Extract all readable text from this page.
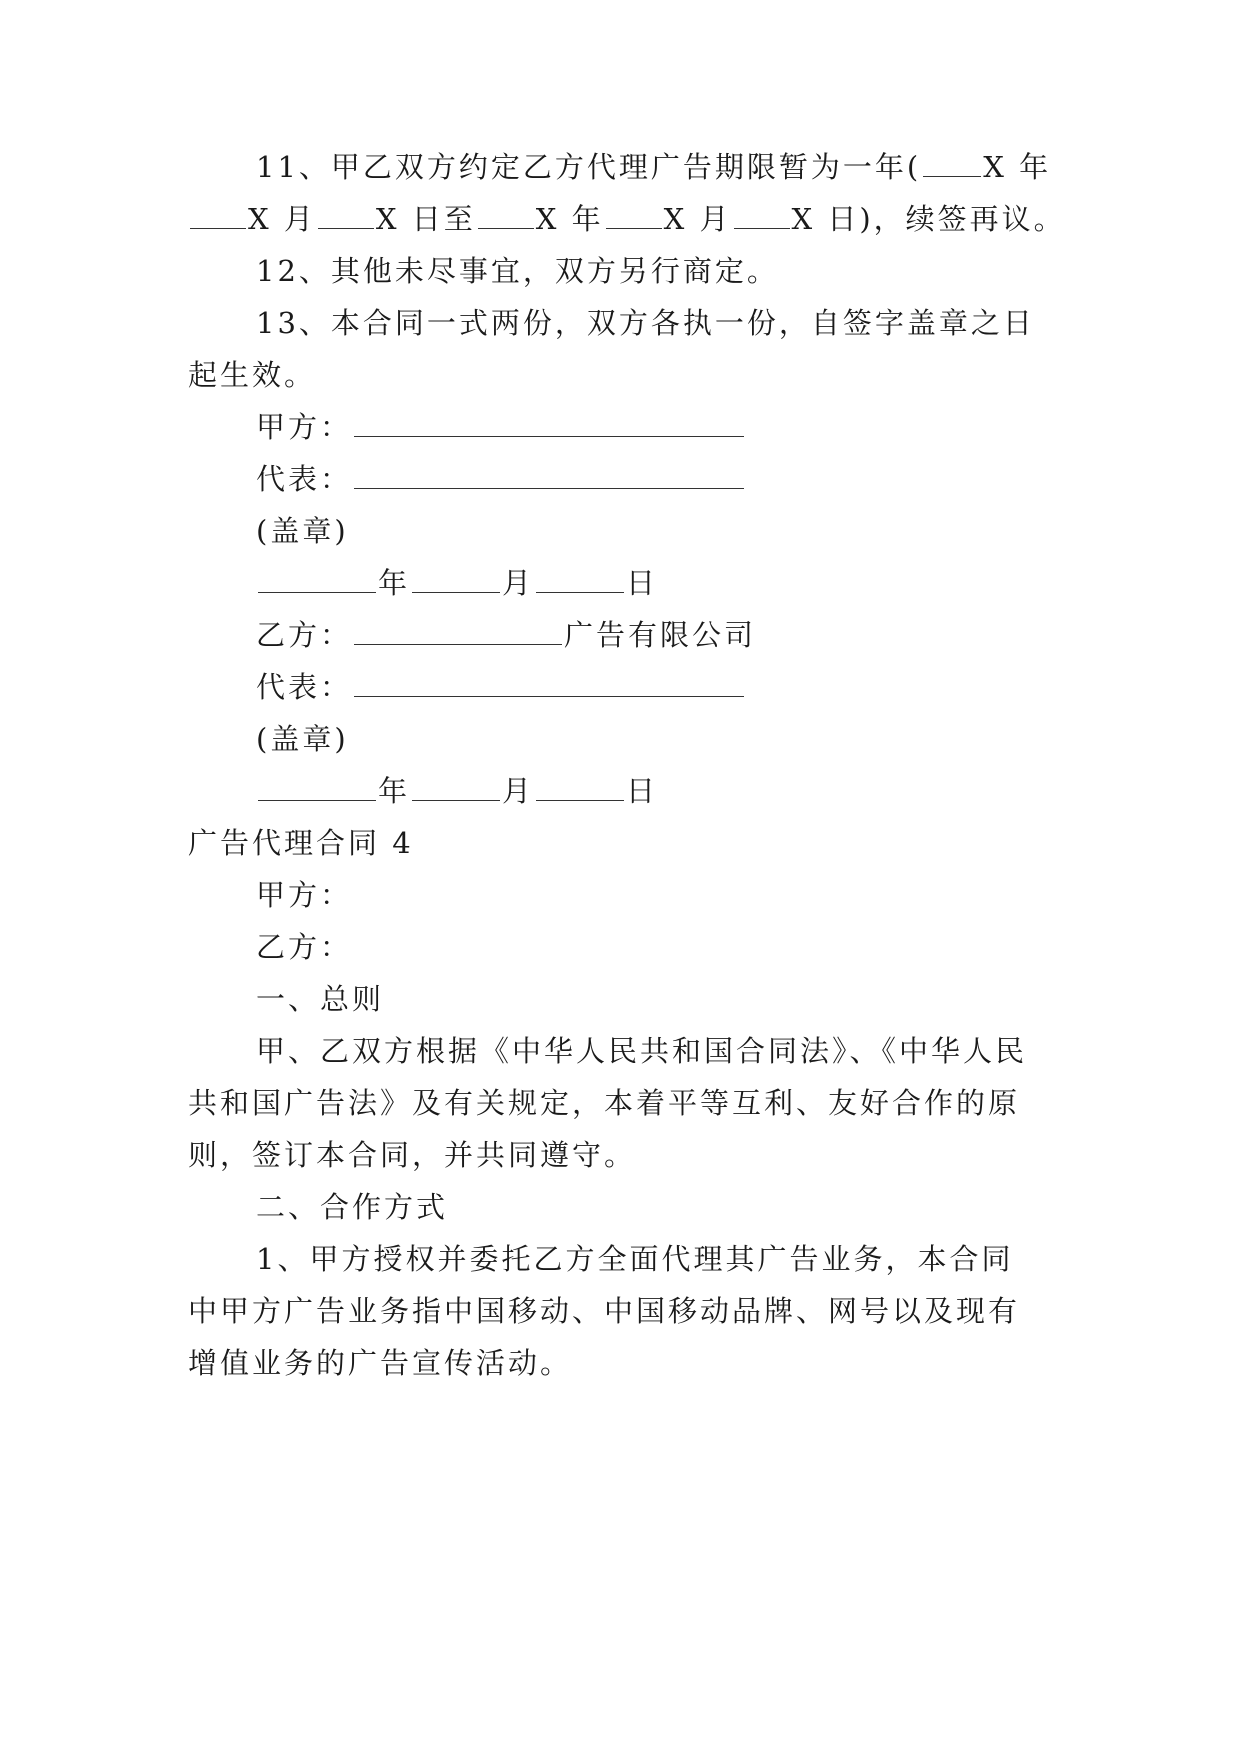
11、甲乙双方约定乙方代理广告期限暂为一年( X 年
X 月 X 日至 X 年 X 月 X 日)，续签再议。
12、其他未尽事宜，双方另行商定。
13、本合同一式两份，双方各执一份，自签字盖章之日
起生效。
甲方：
代表：
(盖章)
年	月	日
乙方：	广告有限公司
代表：
(盖章)
年	月	日
广告代理合同 4
甲方：
乙方：
一、总则
甲、乙双方根据《中华人民共和国合同法》、《中华人民
共和国广告法》及有关规定，本着平等互利、友好合作的原
则，签订本合同，并共同遵守。
二、合作方式
1、甲方授权并委托乙方全面代理其广告业务，本合同
中甲方广告业务指中国移动、中国移动品牌、网号以及现有
增值业务的广告宣传活动。
